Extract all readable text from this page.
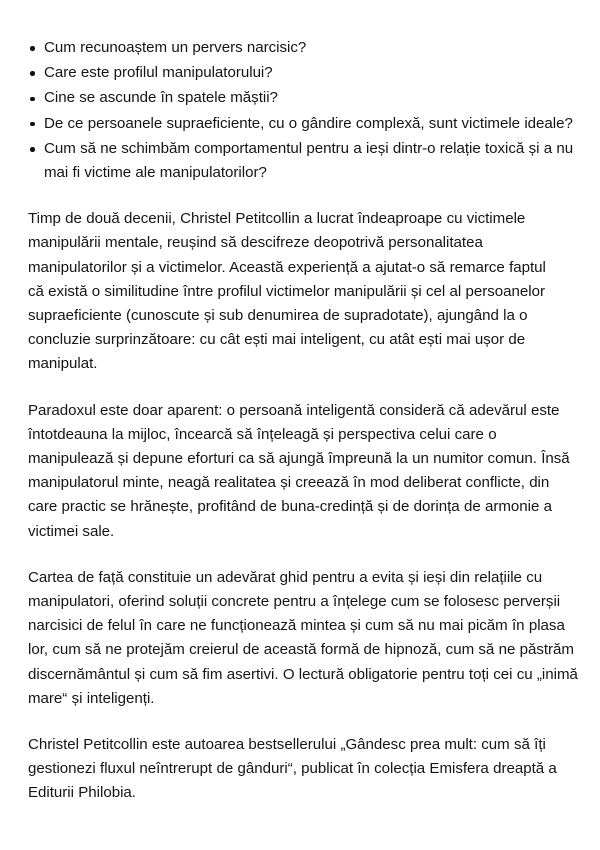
Cum recunoaștem un pervers narcisic?
Care este profilul manipulatorului?
Cine se ascunde în spatele măștii?
De ce persoanele supraeficiente, cu o gândire complexă, sunt victimele ideale?
Cum să ne schimbăm comportamentul pentru a ieși dintr-o relație toxică și a nu mai fi victime ale manipulatorilor?

Timp de două decenii, Christel Petitcollin a lucrat îndeaproape cu victimele manipulării mentale, reușind să descifreze deopotrivă personalitatea manipulatorilor și a victimelor. Această experiență a ajutat-o să remarce faptul că există o similitudine între profilul victimelor manipulării și cel al persoanelor supraeficiente (cunoscute și sub denumirea de supradotate), ajungând la o concluzie surprinzătoare: cu cât ești mai inteligent, cu atât ești mai ușor de manipulat.

Paradoxul este doar aparent: o persoană inteligentă consideră că adevărul este întotdeauna la mijloc, încearcă să înțeleagă și perspectiva celui care o manipulează și depune eforturi ca să ajungă împreună la un numitor comun. Însă manipulatorul minte, neagă realitatea și creează în mod deliberat conflicte, din care practic se hrănește, profitând de buna-credință și de dorința de armonie a victimei sale.

Cartea de față constituie un adevărat ghid pentru a evita și ieși din relațiile cu manipulatori, oferind soluții concrete pentru a înțelege cum se folosesc perverșii narcisici de felul în care ne funcționează mintea și cum să nu mai picăm în plasa lor, cum să ne protejăm creierul de această formă de hipnoză, cum să ne păstrăm discernământul și cum să fim asertivi. O lectură obligatorie pentru toți cei cu „inimă mare“ și inteligenți.

Christel Petitcollin este autoarea bestsellerului „Gândesc prea mult: cum să îți gestionezi fluxul neîntrerupt de gânduri“, publicat în colecția Emisfera dreaptă a Editurii Philobia.
